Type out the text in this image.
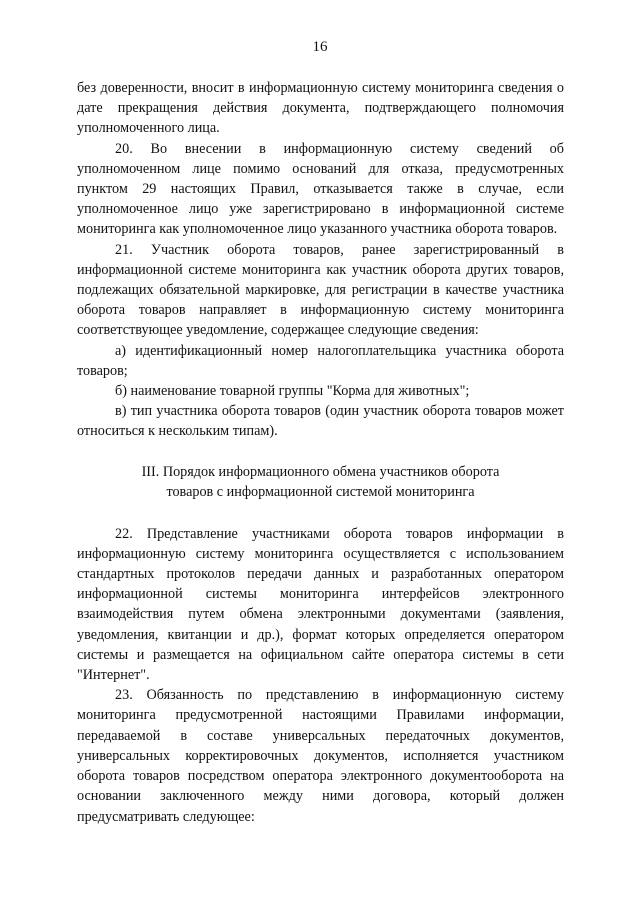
16

без доверенности, вносит в информационную систему мониторинга сведения о дате прекращения действия документа, подтверждающего полномочия уполномоченного лица.

20. Во внесении в информационную систему сведений об уполномоченном лице помимо оснований для отказа, предусмотренных пунктом 29 настоящих Правил, отказывается также в случае, если уполномоченное лицо уже зарегистрировано в информационной системе мониторинга как уполномоченное лицо указанного участника оборота товаров.

21. Участник оборота товаров, ранее зарегистрированный в информационной системе мониторинга как участник оборота других товаров, подлежащих обязательной маркировке, для регистрации в качестве участника оборота товаров направляет в информационную систему мониторинга соответствующее уведомление, содержащее следующие сведения:

а) идентификационный номер налогоплательщика участника оборота товаров;

б) наименование товарной группы "Корма для животных";

в) тип участника оборота товаров (один участник оборота товаров может относиться к нескольким типам).

III. Порядок информационного обмена участников оборота
товаров с информационной системой мониторинга

22. Представление участниками оборота товаров информации в информационную систему мониторинга осуществляется с использованием стандартных протоколов передачи данных и разработанных оператором информационной системы мониторинга интерфейсов электронного взаимодействия путем обмена электронными документами (заявления, уведомления, квитанции и др.), формат которых определяется оператором системы и размещается на официальном сайте оператора системы в сети "Интернет".

23. Обязанность по представлению в информационную систему мониторинга предусмотренной настоящими Правилами информации, передаваемой в составе универсальных передаточных документов, универсальных корректировочных документов, исполняется участником оборота товаров посредством оператора электронного документооборота на основании заключенного между ними договора, который должен предусматривать следующее:
